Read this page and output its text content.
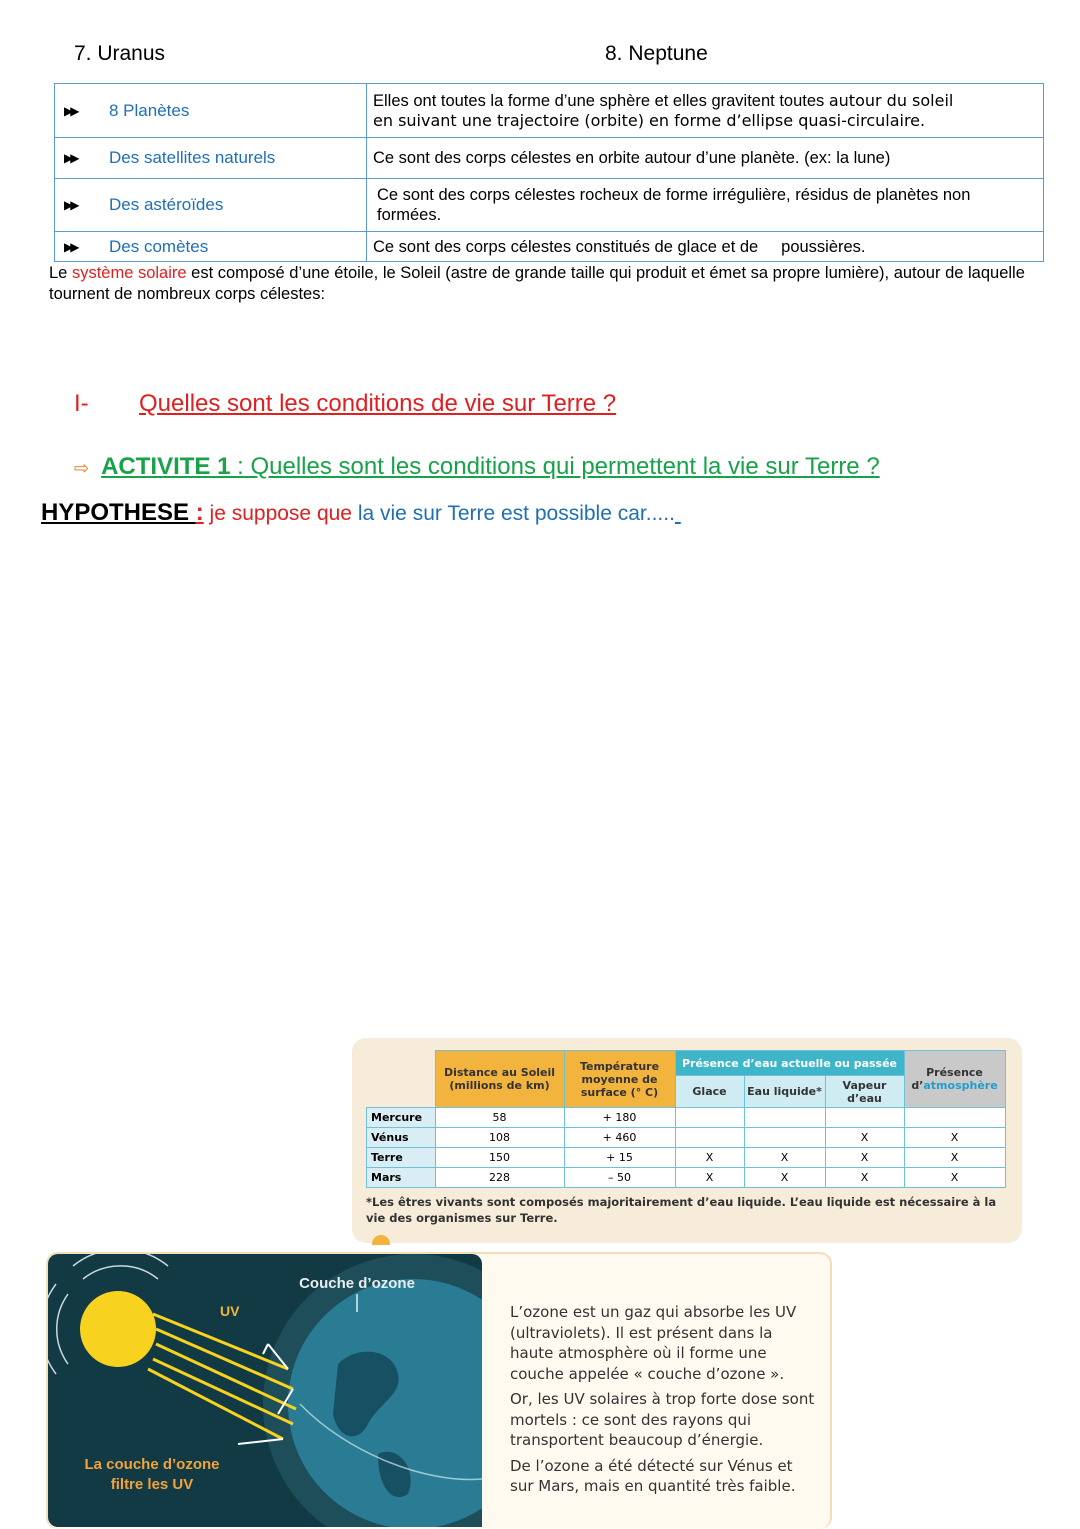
7. Uranus	8. Neptune
▶▶ 8 Planètes	Elles ont toutes la forme d’une sphère et elles gravitent toutes autour du soleil
en suivant une trajectoire (orbite) en forme d’ellipse quasi-circulaire.

▶▶ Des satellites naturels	Ce sont des corps célestes en orbite autour d’une planète. (ex: la lune)

▶▶ Des astéroïdes	Ce sont des corps célestes rocheux de forme irrégulière, résidus de planètes non formées.

▶▶ Des comètes	Ce sont des corps célestes constitués de glace et de     poussières.
Le système solaire est composé d’une étoile, le Soleil (astre de grande taille qui produit et émet sa propre lumière), autour de laquelle tournent de nombreux corps célestes:
I- Quelles sont les conditions de vie sur Terre ?
⇨ ACTIVITE 1 : Quelles sont les conditions qui permettent la vie sur Terre ?
HYPOTHESE : je suppose que la vie sur Terre est possible car.....
	Distance au Soleil (millions de km)	Température moyenne de surface (° C)	Présence d’eau actuelle ou passée			Présence d’atmosphère
			Glace	Eau liquide*	Vapeur d’eau	
Mercure	58	+ 180				
Vénus	108	+ 460			X	X
Terre	150	+ 15	X	X	X	X
Mars	228	– 50	X	X	X	X
*Les êtres vivants sont composés majoritairement d’eau liquide. L’eau liquide est nécessaire à la vie des organismes sur Terre.
Couche d’ozone
UV
La couche d’ozone
filtre les UV

L’ozone est un gaz qui absorbe les UV (ultraviolets). Il est présent dans la haute atmosphère où il forme une couche appelée « couche d’ozone ».

Or, les UV solaires à trop forte dose sont mortels : ce sont des rayons qui transportent beaucoup d’énergie.

De l’ozone a été détecté sur Vénus et sur Mars, mais en quantité très faible.
